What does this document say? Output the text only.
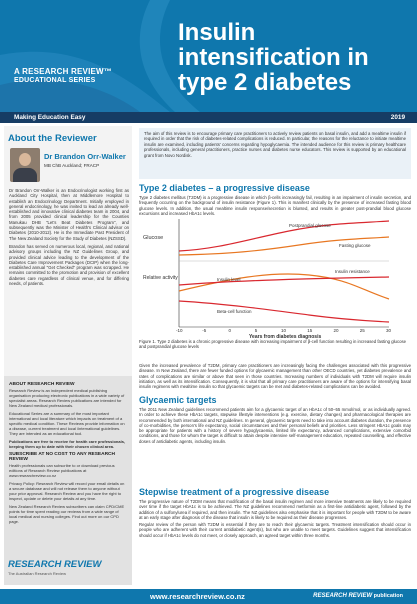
A RESEARCH REVIEW™
EDUCATIONAL SERIES
Insulin
intensification in
type 2 diabetes
Making Education Easy	2019
About the Reviewer
Dr Brandon Orr-Walker
MB ChB Auckland; FRACP

Dr Brandon Orr-Walker is an Endocrinologist working first as Auckland City Hospital, then at Middlemore Hospital to establish an Endocrinology Department. Initially employed in general endocrinology, he was invited to lead an already well-established and innovative clinical diabetes team in 2004, and from 2005 provided clinical leadership for the Counties Manukau DHB "Let's Beat Diabetes Program", and subsequently was the Minister of Health's Clinical advisor on Diabetes (2010-2012). He is the Immediate Past President of The New Zealand Society for the Study of Diabetes (NZSSD).

Brandon has served on numerous local, regional, and national advisory groups including the NZ Guidelines Group, and provided clinical advice leading to the development of the Diabetes Care Improvement Packages (DCIP) when the long-established annual "Get Checked" program was scrapped. He remains committed to the promotion and provision of excellent diabetes care regardless of clinical venue, and for differing needs, of patients.

ABOUT RESEARCH REVIEW

Research Review is an independent medical publishing organisation producing electronic publications in a wide variety of specialist areas. Research Review publications are intended for New Zealand medical professionals.

Educational Series are a summary of the most important international and local literature which impacts on treatment of a specific medical condition. These Reviews provide information on a disease, current treatment and local /international guidelines. They are intended as an educational tool.

Publications are free to receive for health care professionals, keeping them up to date with their chosen clinical area.

SUBSCRIBE AT NO COST TO ANY RESEARCH REVIEW

Health professionals can subscribe to or download previous editions of Research Review publications at www.researchreview.co.nz

Privacy Policy: Research Review will record your email details on a secure database and will not release them to anyone without your prior approval. Research Review and you have the right to inspect, update or delete your details at any time.

New Zealand Research Review subscribers can claim CPD/CME points for time spent reading our reviews from a wide range of local medical and nursing colleges. Find out more on our CPD page.

RESEARCH REVIEW
The Australian Research Review
The aim of this review is to encourage primary care practitioners to actively review patients on basal insulin, and add a mealtime insulin if required in order that the risk of diabetes-related complications is reduced. In particular, the reasons for the reluctance to initiate mealtime insulin are examined, including patients' concerns regarding hypoglycaemia. The intended audience for this review is primary healthcare professionals, including general practitioners, practice nurses and diabetes nurse educators. This review is supported by an educational grant from Novo Nordisk.
Type 2 diabetes – a progressive disease

Type 2 diabetes mellitus (T2DM) is a progressive disease in which β-cells increasingly fail, resulting in an impairment of insulin secretion, and frequently occurring on the background of insulin resistance (Figure 1). This is manifest clinically by the presence of increased fasting blood glucose levels. In addition, the usual mealtime insulin response/secretion is blunted, and results in greater post-prandial blood glucose excursions and increased HbA1c levels.

Glucose
Relative activity
Postprandial glucose
Fasting glucose
Insulin level
Insulin resistance
Beta-cell function
-10	-5	0	5	10	15	20	25	30
Years from diabetes diagnosis
Figure 1. Type 2 diabetes is a chronic progressive disease with increasing impairment of β-cell function resulting in increased fasting glucose and postprandial glucose levels

Given the increased prevalence of T2DM, primary care practitioners are increasingly facing the challenges associated with this progressive disease. In New Zealand, there are fewer funded options for glycaemic management than other OECD countries, yet diabetes prevalence and rates of complications are similar or above that seen in those countries. Increasing numbers of individuals with T2DM will require insulin initiation, as well as its intensification. Consequently, it is vital that all primary care practitioners are aware of the options for intensifying basal insulin regimens with mealtime insulin so that glycaemic targets can be met and diabetes-related complications can be avoided.

Glycaemic targets

The 2011 New Zealand guidelines recommend patients aim for a glycaemic target of an HbA1c of 50–55 mmol/mol, or as individually agreed. In order to achieve these HbA1c targets, stepwise lifestyle interventions (e.g. exercise, dietary changes) and pharmacological therapies are recommended by both international and NZ guidelines. In general, glycaemic targets need to take into account diabetes duration, the presence of co-morbidities, the person's life expectancy, social circumstances and their personal beliefs and priorities. Less stringent HbA1c goals may be appropriate for patients with a history of severe hypoglycaemia, limited life expectancy, advanced complications, extensive comorbid conditions, and those for whom the target is difficult to attain despite intensive self-management education, repeated counselling, and effective doses of antidiabetic agents, including insulin.

Stepwise treatment of a progressive disease

The progressive nature of T2DM means that modification of the basal insulin regimen and more intensive treatments are likely to be required over time if the target HbA1c is to be achieved. The NZ guidelines recommend metformin as a first-line antidiabetic agent, followed by the addition of a sulfonylurea if required, and then insulin. The NZ guidelines also emphasise that it is important for people with T2DM to be aware at an early stage after diagnosis of the disease that insulin is likely to be required as their disease progresses.

Regular review of the person with T2DM is essential if they are to reach their glycaemic targets. Treatment intensification should occur in people who are adherent with their current antidiabetic agent(s), but who are unable to meet targets. Guidelines suggest that intensification should occur if HbA1c levels do not meet, or closely approach, an agreed target within three months.

www.researchreview.co.nz	RESEARCH REVIEW publication
